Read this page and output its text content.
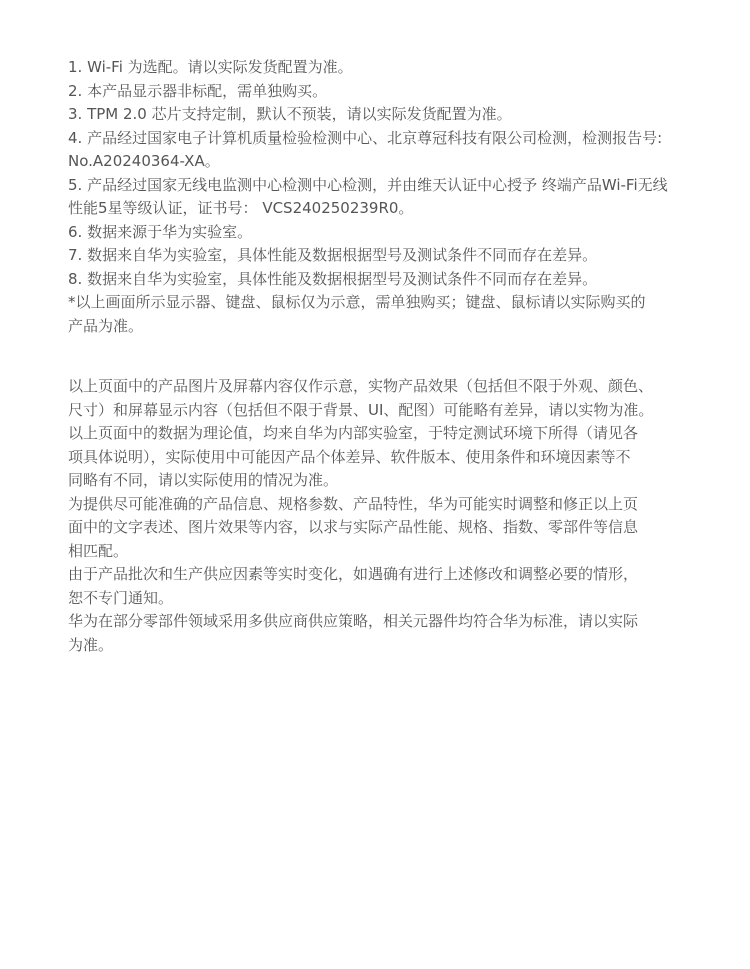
1. Wi-Fi 为选配。请以实际发货配置为准。
2. 本产品显示器非标配，需单独购买。
3. TPM 2.0 芯片支持定制，默认不预装，请以实际发货配置为准。
4. 产品经过国家电子计算机质量检验检测中心、北京尊冠科技有限公司检测，检测报告号:
No.A20240364-XA。
5. 产品经过国家无线电监测中心检测中心检测，并由维天认证中心授予 终端产品Wi-Fi无线
性能5星等级认证，证书号： VCS240250239R0。
6. 数据来源于华为实验室。
7. 数据来自华为实验室，具体性能及数据根据型号及测试条件不同而存在差异。
8. 数据来自华为实验室，具体性能及数据根据型号及测试条件不同而存在差异。
*以上画面所示显示器、键盘、鼠标仅为示意，需单独购买；键盘、鼠标请以实际购买的
产品为准。
以上页面中的产品图片及屏幕内容仅作示意，实物产品效果（包括但不限于外观、颜色、
尺寸）和屏幕显示内容（包括但不限于背景、UI、配图）可能略有差异，请以实物为准。
以上页面中的数据为理论值，均来自华为内部实验室，于特定测试环境下所得（请见各
项具体说明），实际使用中可能因产品个体差异、软件版本、使用条件和环境因素等不
同略有不同，请以实际使用的情况为准。
为提供尽可能准确的产品信息、规格参数、产品特性，华为可能实时调整和修正以上页
面中的文字表述、图片效果等内容，以求与实际产品性能、规格、指数、零部件等信息
相匹配。
由于产品批次和生产供应因素等实时变化，如遇确有进行上述修改和调整必要的情形，
恕不专门通知。
华为在部分零部件领域采用多供应商供应策略，相关元器件均符合华为标准，请以实际
为准。
